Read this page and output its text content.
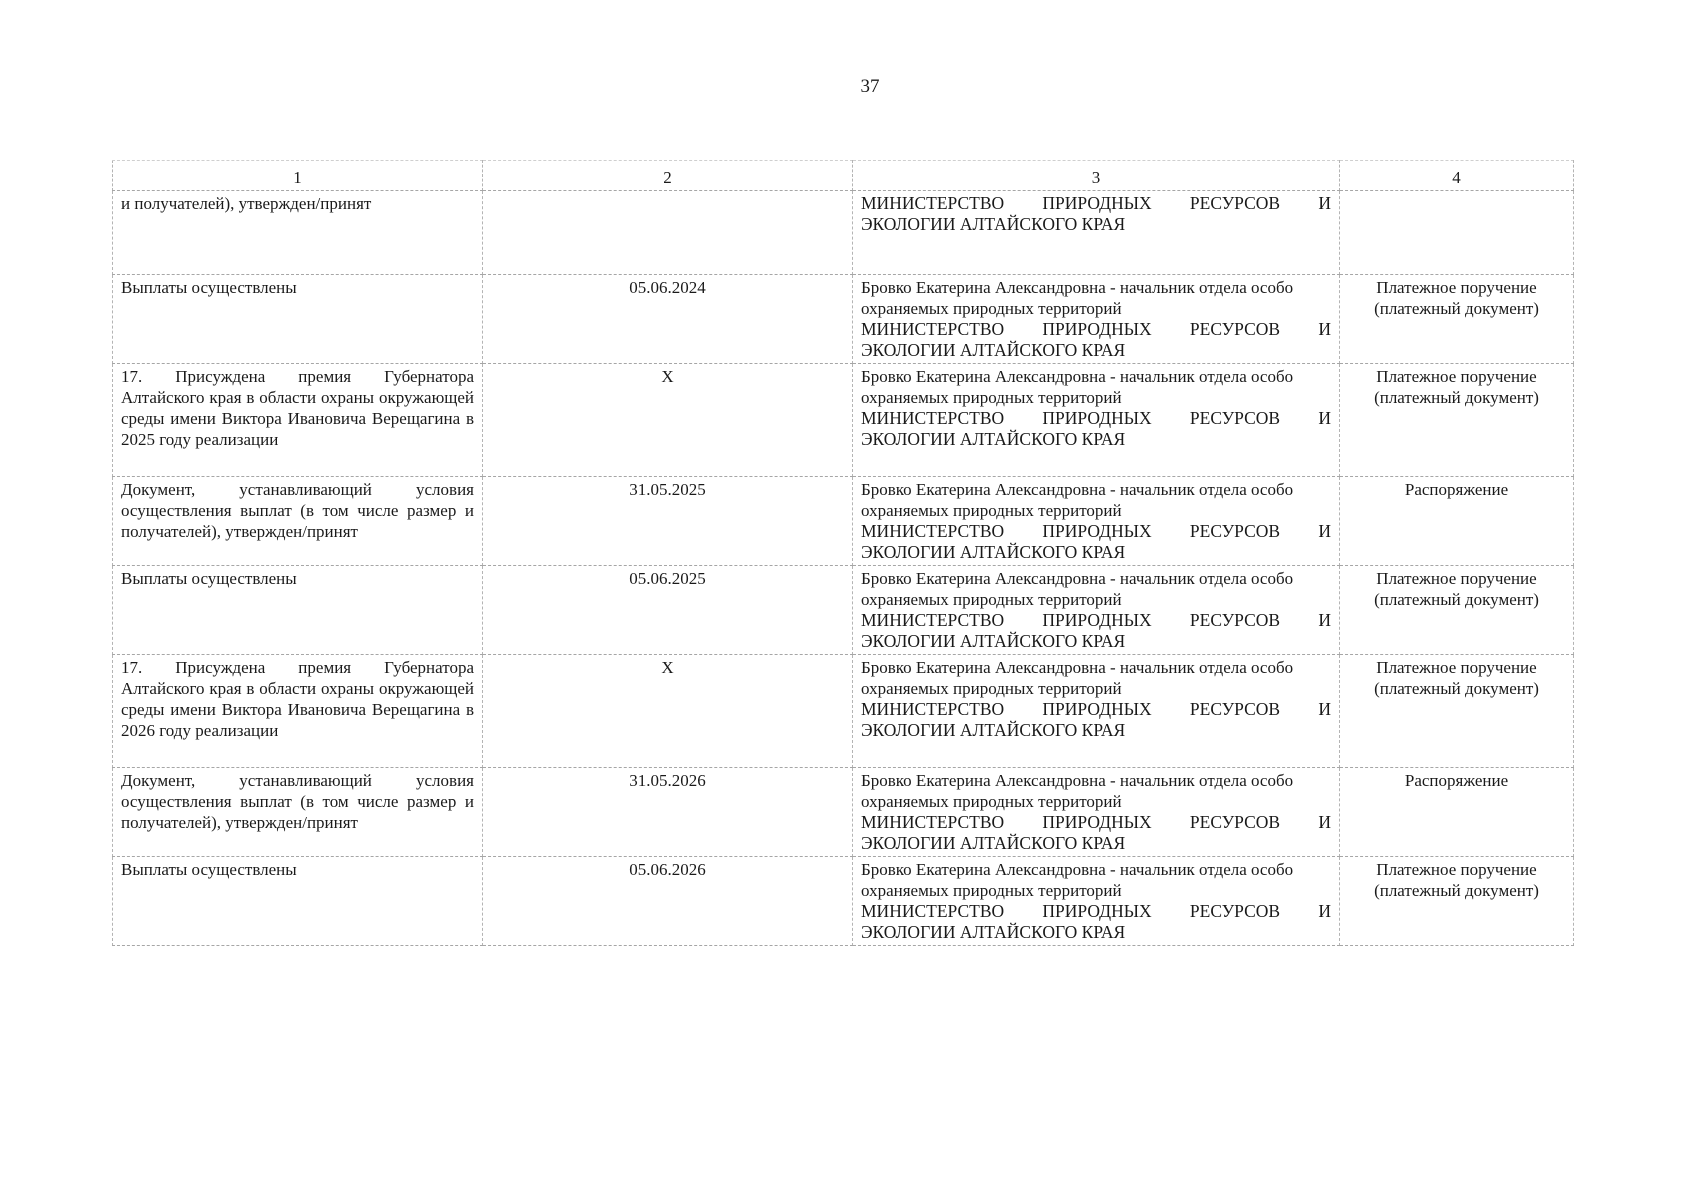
37
1	2	3	4
и получателей), утвержден/принят		МИНИСТЕРСТВО ПРИРОДНЫХ РЕСУРСОВ И
ЭКОЛОГИИ АЛТАЙСКОГО КРАЯ	

Выплаты осуществлены	05.06.2024	Бровко Екатерина Александровна - начальник отдела особо охраняемых природных территорий
МИНИСТЕРСТВО ПРИРОДНЫХ РЕСУРСОВ И
ЭКОЛОГИИ АЛТАЙСКОГО КРАЯ	Платежное поручение (платежный документ)
17. Присуждена премия Губернатора Алтайского края в области охраны окружающей среды имени Виктора Ивановича Верещагина в 2025 году реализации	X	Бровко Екатерина Александровна - начальник отдела особо охраняемых природных территорий
МИНИСТЕРСТВО ПРИРОДНЫХ РЕСУРСОВ И
ЭКОЛОГИИ АЛТАЙСКОГО КРАЯ	Платежное поручение (платежный документ)
Документ, устанавливающий условия осуществления выплат (в том числе размер и получателей), утвержден/принят	31.05.2025	Бровко Екатерина Александровна - начальник отдела особо охраняемых природных территорий
МИНИСТЕРСТВО ПРИРОДНЫХ РЕСУРСОВ И
ЭКОЛОГИИ АЛТАЙСКОГО КРАЯ	Распоряжение
Выплаты осуществлены	05.06.2025	Бровко Екатерина Александровна - начальник отдела особо охраняемых природных территорий
МИНИСТЕРСТВО ПРИРОДНЫХ РЕСУРСОВ И
ЭКОЛОГИИ АЛТАЙСКОГО КРАЯ	Платежное поручение (платежный документ)
17. Присуждена премия Губернатора Алтайского края в области охраны окружающей среды имени Виктора Ивановича Верещагина в 2026 году реализации	X	Бровко Екатерина Александровна - начальник отдела особо охраняемых природных территорий
МИНИСТЕРСТВО ПРИРОДНЫХ РЕСУРСОВ И
ЭКОЛОГИИ АЛТАЙСКОГО КРАЯ	Платежное поручение (платежный документ)
Документ, устанавливающий условия осуществления выплат (в том числе размер и получателей), утвержден/принят	31.05.2026	Бровко Екатерина Александровна - начальник отдела особо охраняемых природных территорий
МИНИСТЕРСТВО ПРИРОДНЫХ РЕСУРСОВ И
ЭКОЛОГИИ АЛТАЙСКОГО КРАЯ	Распоряжение
Выплаты осуществлены	05.06.2026	Бровко Екатерина Александровна - начальник отдела особо охраняемых природных территорий
МИНИСТЕРСТВО ПРИРОДНЫХ РЕСУРСОВ И
ЭКОЛОГИИ АЛТАЙСКОГО КРАЯ	Платежное поручение (платежный документ)
